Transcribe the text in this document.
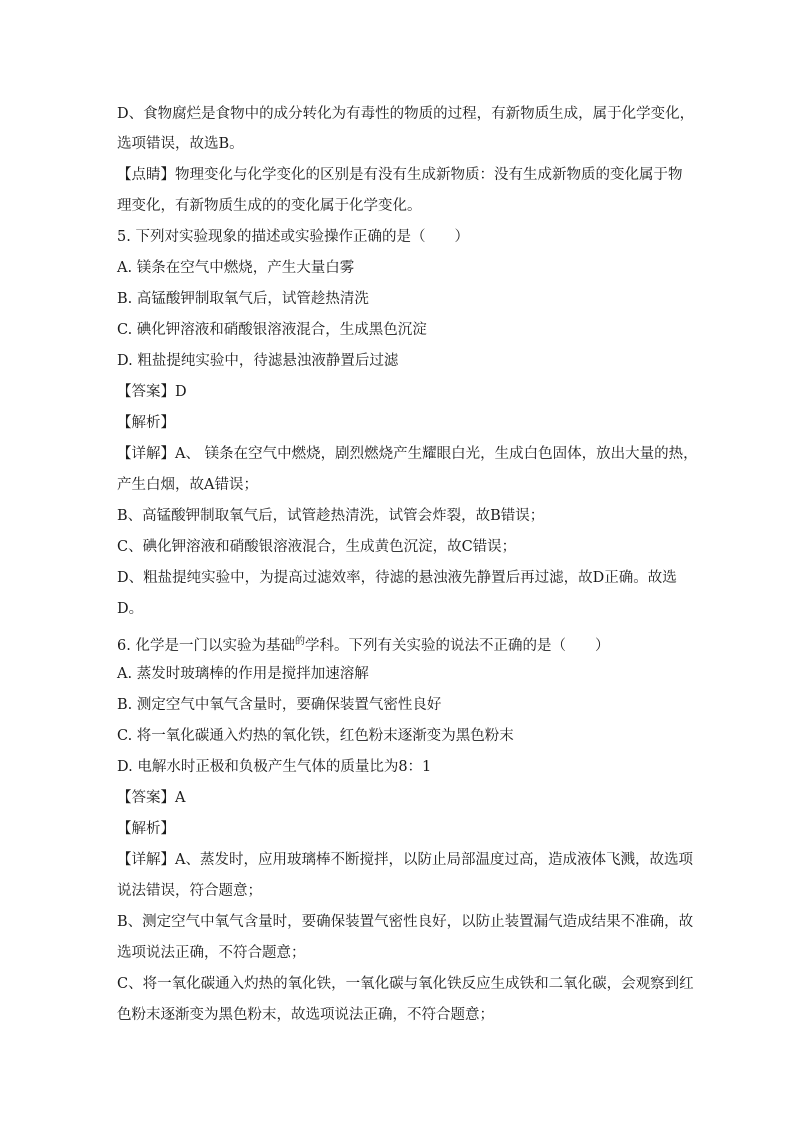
D、食物腐烂是食物中的成分转化为有毒性的物质的过程，有新物质生成，属于化学变化，
选项错误，故选B。
【点睛】物理变化与化学变化的区别是有没有生成新物质：没有生成新物质的变化属于物
理变化，有新物质生成的的变化属于化学变化。
5. 下列对实验现象的描述或实验操作正确的是（　　）
A. 镁条在空气中燃烧，产生大量白雾
B. 高锰酸钾制取氧气后，试管趁热清洗
C. 碘化钾溶液和硝酸银溶液混合，生成黑色沉淀
D. 粗盐提纯实验中，待滤悬浊液静置后过滤
【答案】D
【解析】
【详解】A、 镁条在空气中燃烧，剧烈燃烧产生耀眼白光，生成白色固体，放出大量的热，
产生白烟，故A错误；
B、高锰酸钾制取氧气后，试管趁热清洗，试管会炸裂，故B错误；
C、碘化钾溶液和硝酸银溶液混合，生成黄色沉淀，故C错误；
D、粗盐提纯实验中，为提高过滤效率，待滤的悬浊液先静置后再过滤，故D正确。故选
D。
6. 化学是一门以实验为基础$^的$学科。下列有关实验的说法不正确的是（　　）
A. 蒸发时玻璃棒的作用是搅拌加速溶解
B. 测定空气中氧气含量时，要确保装置气密性良好
C. 将一氧化碳通入灼热的氧化铁，红色粉末逐渐变为黑色粉末
D. 电解水时正极和负极产生气体的质量比为8：1
【答案】A
【解析】
【详解】A、蒸发时，应用玻璃棒不断搅拌，以防止局部温度过高，造成液体飞溅，故选项
说法错误，符合题意；
B、测定空气中氧气含量时，要确保装置气密性良好，以防止装置漏气造成结果不准确，故
选项说法正确，不符合题意；
C、将一氧化碳通入灼热的氧化铁，一氧化碳与氧化铁反应生成铁和二氧化碳，会观察到红
色粉末逐渐变为黑色粉末，故选项说法正确，不符合题意；
